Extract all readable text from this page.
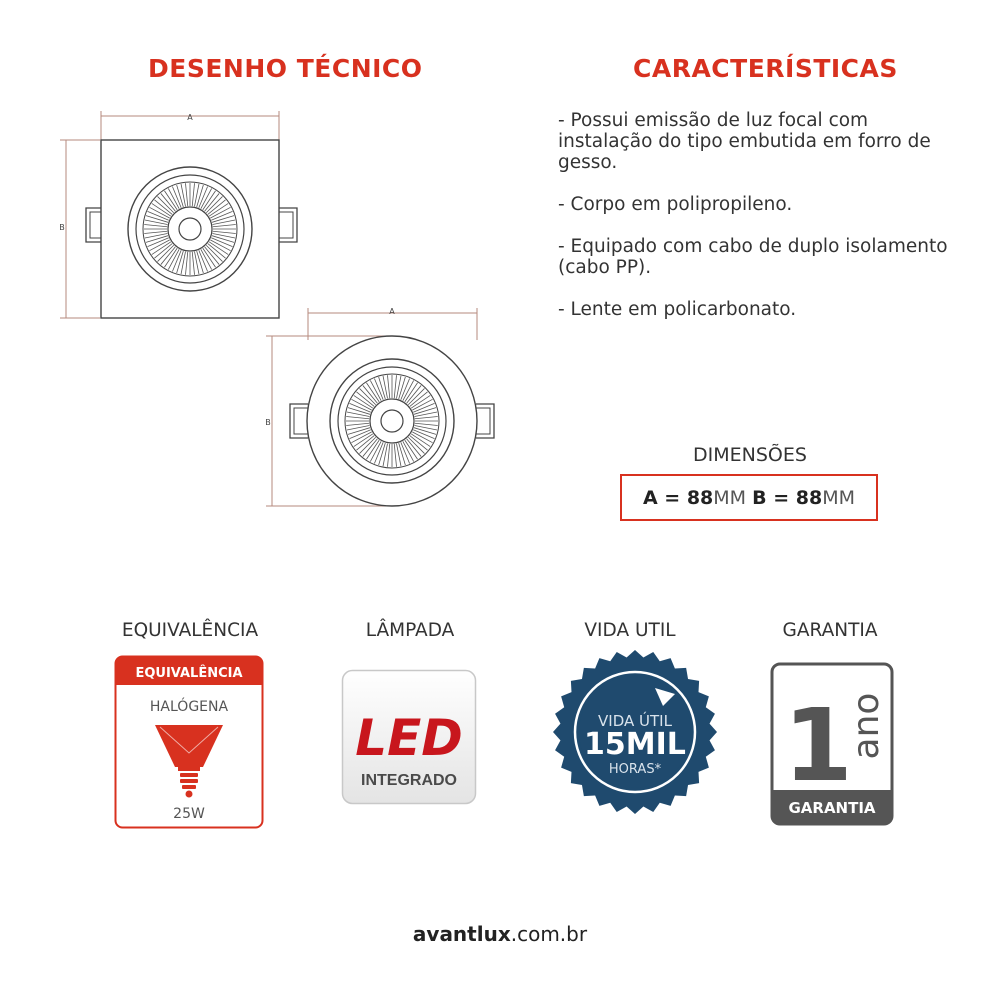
DESENHO TÉCNICO	CARACTERÍSTICAS
A
B
A
B

- Possui emissão de luz focal com instalação do tipo embutida em forro de gesso.

- Corpo em polipropileno.

- Equipado com cabo de duplo isolamento (cabo PP).

- Lente em policarbonato.

DIMENSÕES
A = 88 MM
B = 88 MM
EQUIVALÊNCIA	LÂMPADA	VIDA UTIL	GARANTIA
EQUIVALÊNCIA
HALÓGENA
25W
LED
INTEGRADO
VIDA ÚTIL
15MIL
HORAS* 1
ano
GARANTIA
avantlux.com.br
